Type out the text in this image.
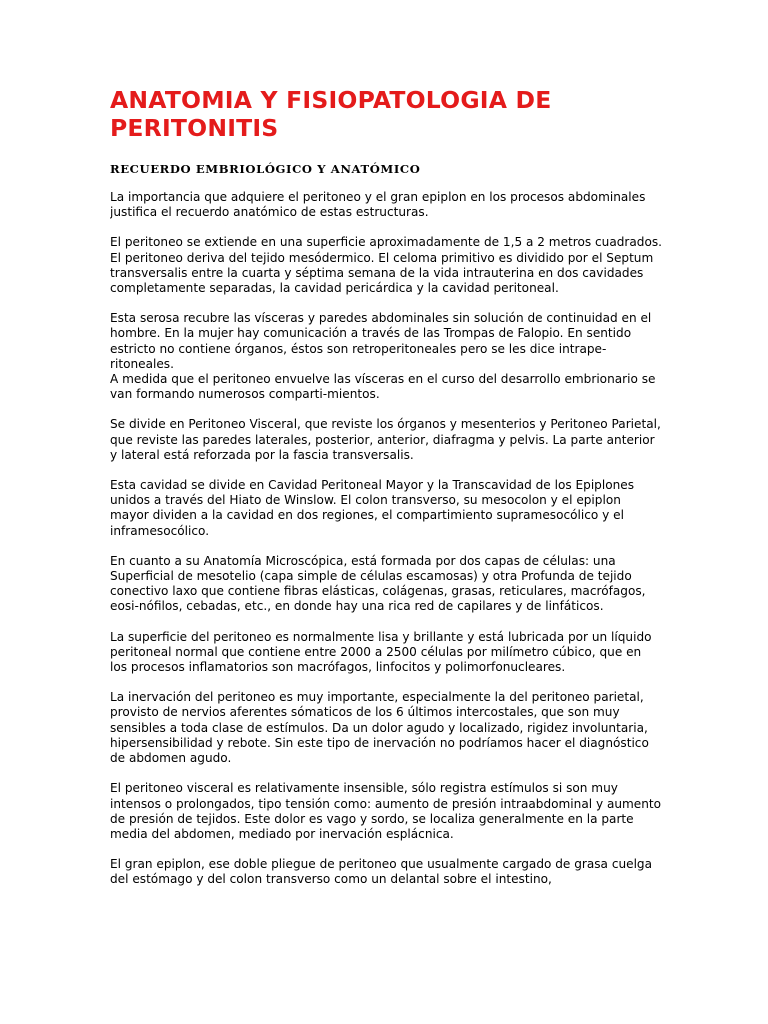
ANATOMIA Y FISIOPATOLOGIA DE PERITONITIS
RECUERDO EMBRIOLÓGICO Y ANATÓMICO

La importancia que adquiere el peritoneo y el gran epiplon en los procesos abdominales justifica el recuerdo anatómico de estas estructuras.

El peritoneo se extiende en una superficie aproximadamente de 1,5 a 2 metros cuadrados.
El peritoneo deriva del tejido mesódermico. El celoma primitivo es dividido por el Septum transversalis entre la cuarta y séptima semana de la vida intrauterina en dos cavidades completamente separadas, la cavidad pericárdica y la cavidad peritoneal.

Esta serosa recubre las vísceras y paredes abdominales sin solución de continuidad en el hombre. En la mujer hay comunicación a través de las Trompas de Falopio. En sentido estricto no contiene órganos, éstos son retroperitoneales pero se les dice intrape-ritoneales.
A medida que el peritoneo envuelve las vísceras en el curso del desarrollo embrionario se van formando numerosos comparti-mientos.

Se divide en Peritoneo Visceral, que reviste los órganos y mesenterios y Peritoneo Parietal, que reviste las paredes laterales, posterior, anterior, diafragma y pelvis. La parte anterior y lateral está reforzada por la fascia transversalis.

Esta cavidad se divide en Cavidad Peritoneal Mayor y la Transcavidad de los Epiplones unidos a través del Hiato de Winslow. El colon transverso, su mesocolon y el epiplon mayor dividen a la cavidad en dos regiones, el compartimiento supramesocólico y el inframesocólico.

En cuanto a su Anatomía Microscópica, está formada por dos capas de células: una Superficial de mesotelio (capa simple de células escamosas) y otra Profunda de tejido conectivo laxo que contiene fibras elásticas, colágenas, grasas, reticulares, macrófagos, eosi-nófilos, cebadas, etc., en donde hay una rica red de capilares y de linfáticos.

La superficie del peritoneo es normalmente lisa y brillante y está lubricada por un líquido peritoneal normal que contiene entre 2000 a 2500 células por milímetro cúbico, que en los procesos inflamatorios son macrófagos, linfocitos y polimorfonucleares.

La inervación del peritoneo es muy importante, especialmente la del peritoneo parietal, provisto de nervios aferentes sómaticos de los 6 últimos intercostales, que son muy sensibles a toda clase de estímulos. Da un dolor agudo y localizado, rigidez involuntaria, hipersensibilidad y rebote. Sin este tipo de inervación no podríamos hacer el diagnóstico de abdomen agudo.

El peritoneo visceral es relativamente insensible, sólo registra estímulos si son muy intensos o prolongados, tipo tensión como: aumento de presión intraabdominal y aumento de presión de tejidos. Este dolor es vago y sordo, se localiza generalmente en la parte media del abdomen, mediado por inervación esplácnica.

El gran epiplon, ese doble pliegue de peritoneo que usualmente cargado de grasa cuelga del estómago y del colon transverso como un delantal sobre el intestino,
